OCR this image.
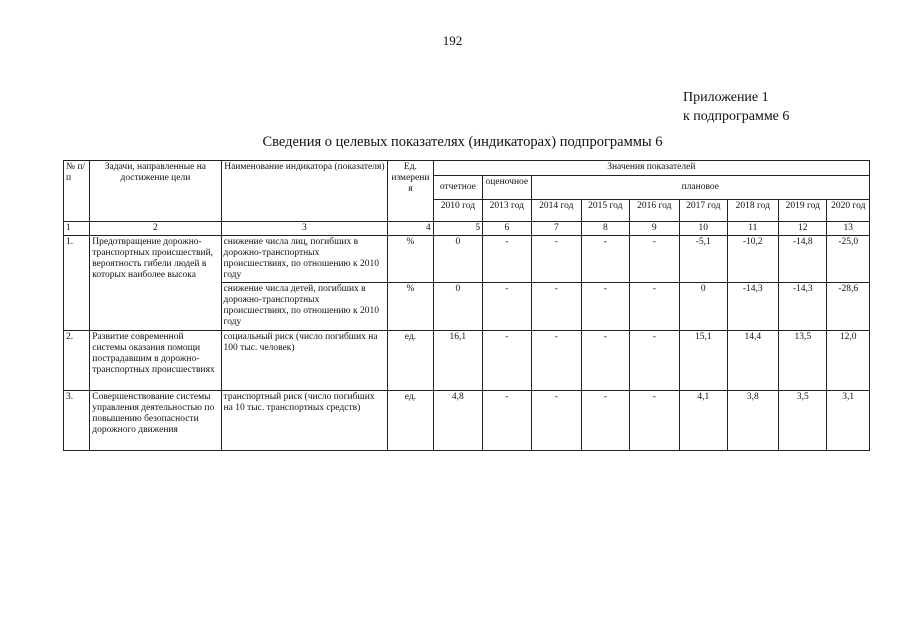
192
Приложение 1
к подпрограмме 6
Сведения о целевых показателях (индикаторах) подпрограммы 6
№ п/п	Задачи, направленные на достижение цели	Наименование индикатора (показателя)	Ед. измерения	Значения показателей								
				отчетное	оценочное	плановое						
				2010 год	2013 год	2014 год	2015 год	2016 год	2017 год	2018 год	2019 год	2020 год
1	2	3	4	5	6	7	8	9	10	11	12	13
1.	Предотвращение дорожно-транспортных происшествий, вероятность гибели людей в которых наиболее высока	снижение числа лиц, погибших в дорожно-транспортных происшествиях, по отношению к 2010 году	%	0	-	-	-	-	-5,1	-10,2	-14,8	-25,0
		снижение числа детей, погибших в дорожно-транспортных происшествиях, по отношению к 2010 году	%	0	-	-	-	-	0	-14,3	-14,3	-28,6
2.	Развитие современной системы оказания помощи пострадавшим в дорожно-транспортных происшествиях	социальный риск (число погибших на 100 тыс. человек)	ед.	16,1	-	-	-	-	15,1	14,4	13,5	12,0
3.	Совершенствование системы управления деятельностью по повышению безопасности дорожного движения	транспортный риск (число погибших на 10 тыс. транспортных средств)	ед.	4,8	-	-	-	-	4,1	3,8	3,5	3,1
